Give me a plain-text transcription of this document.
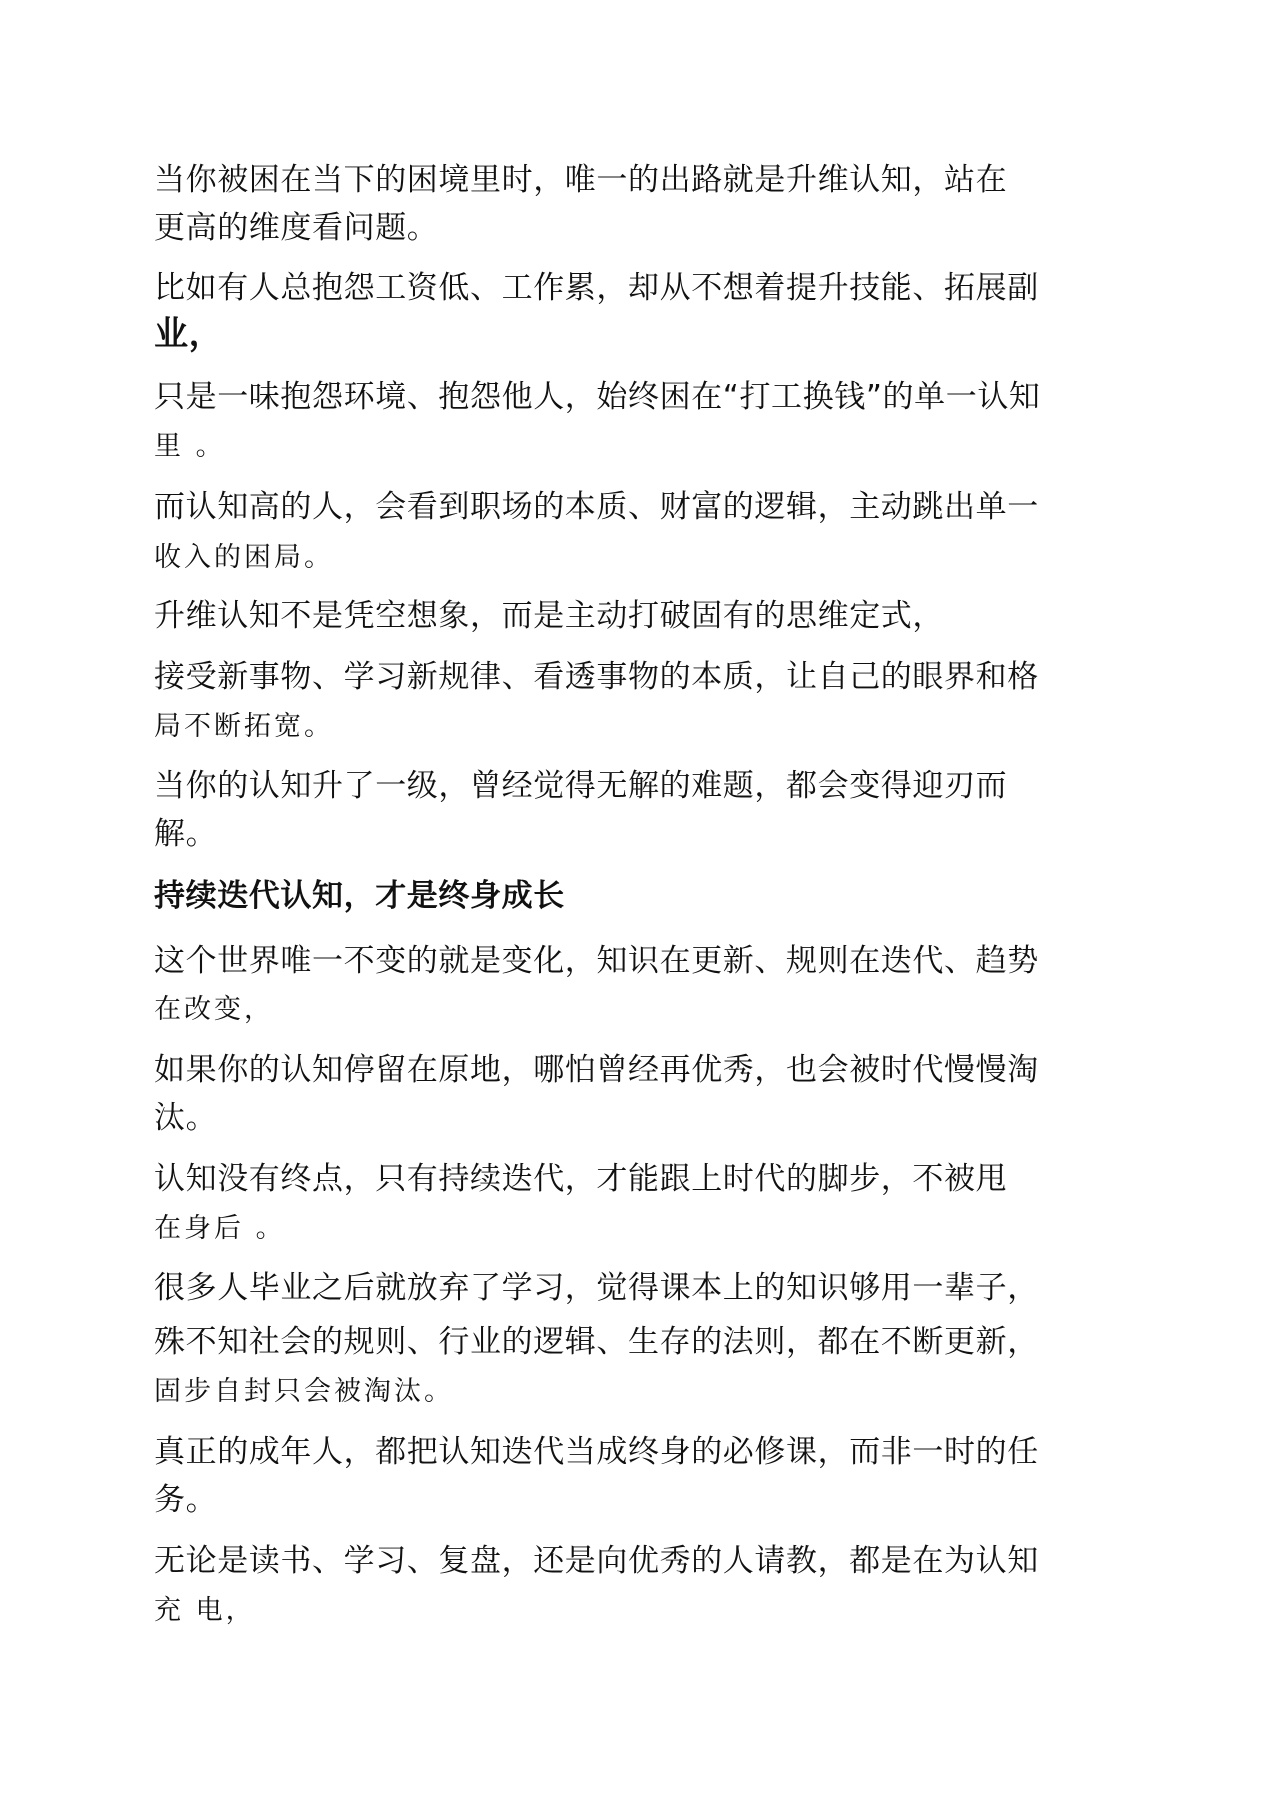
当你被困在当下的困境里时，唯一的出路就是升维认知，站在
更高的维度看问题。
比如有人总抱怨工资低、工作累，却从不想着提升技能、拓展副
业，
只是一味抱怨环境、抱怨他人，始终困在“打工换钱”的单一认知
里 。
而认知高的人，会看到职场的本质、财富的逻辑，主动跳出单一
收入的困局。
升维认知不是凭空想象，而是主动打破固有的思维定式，
接受新事物、学习新规律、看透事物的本质，让自己的眼界和格
局不断拓宽。
当你的认知升了一级，曾经觉得无解的难题，都会变得迎刃而
解。
持续迭代认知，才是终身成长
这个世界唯一不变的就是变化，知识在更新、规则在迭代、趋势
在改变，
如果你的认知停留在原地，哪怕曾经再优秀，也会被时代慢慢淘
汰。
认知没有终点，只有持续迭代，才能跟上时代的脚步，不被甩
在身后 。
很多人毕业之后就放弃了学习，觉得课本上的知识够用一辈子，
殊不知社会的规则、行业的逻辑、生存的法则，都在不断更新，
固步自封只会被淘汰。
真正的成年人，都把认知迭代当成终身的必修课，而非一时的任
务。
无论是读书、学习、复盘，还是向优秀的人请教，都是在为认知
充 电，
